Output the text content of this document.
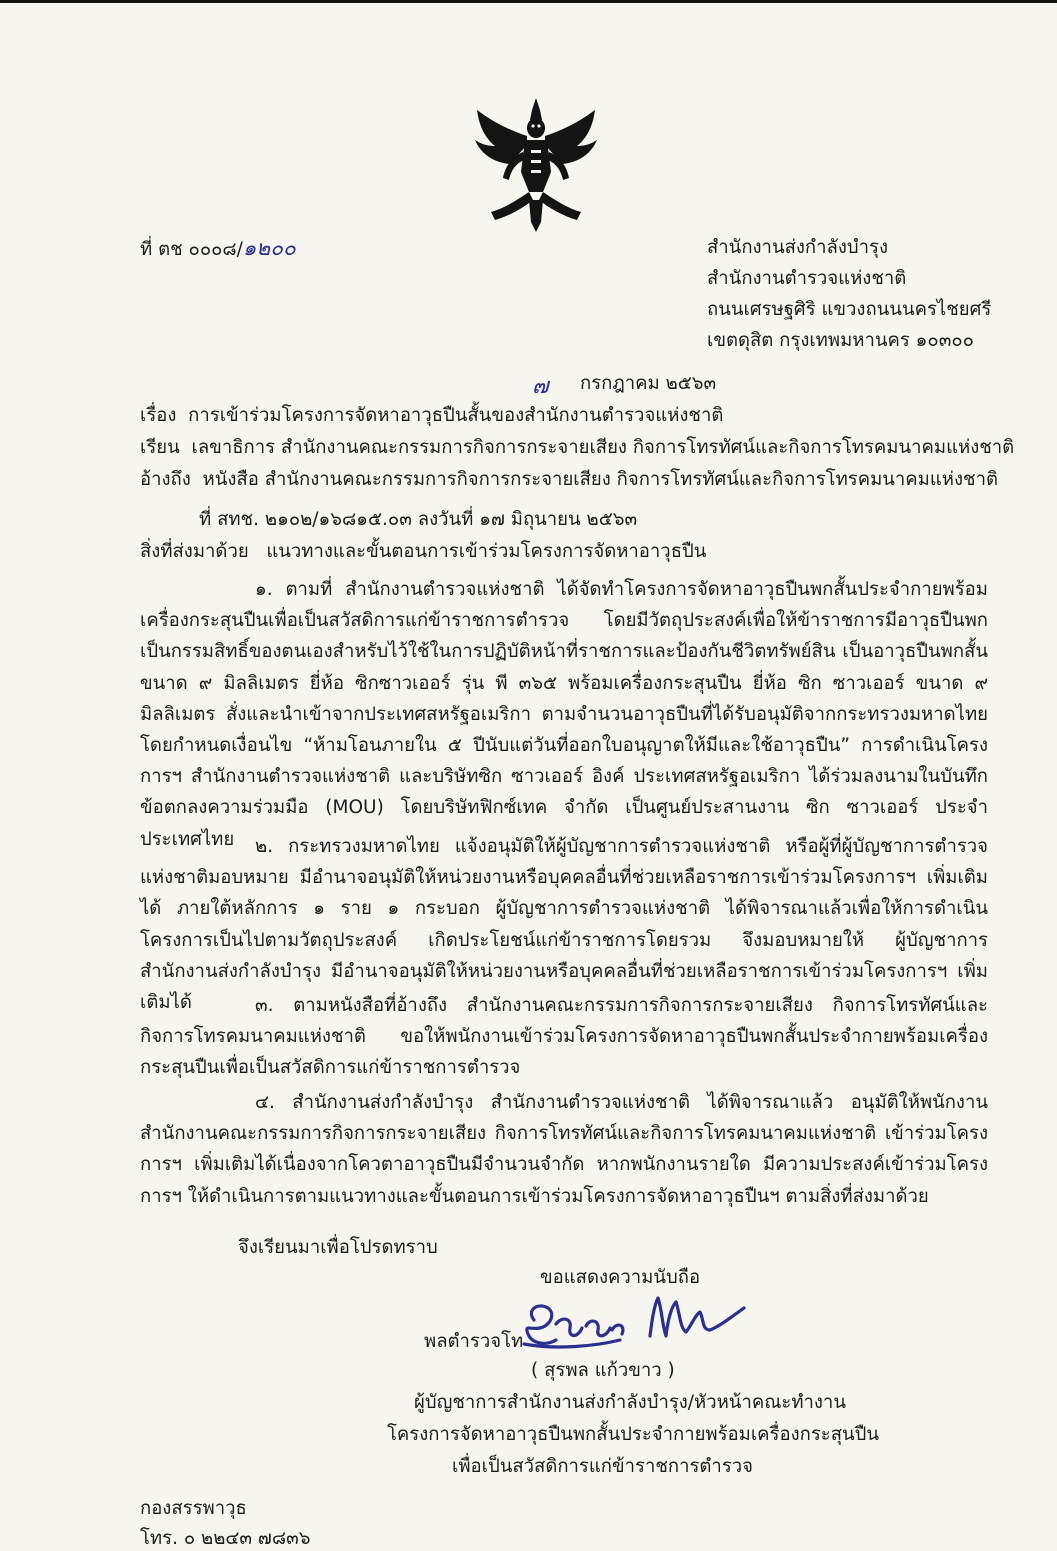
ที่ ตช ๐๐๐๘/๑๒๐๐	สำนักงานส่งกำลังบำรุง
สำนักงานตำรวจแห่งชาติ
ถนนเศรษฐศิริ แขวงถนนนครไชยศรี
เขตดุสิต กรุงเทพมหานคร ๑๐๓๐๐
๗ กรกฎาคม ๒๕๖๓
เรื่อง การเข้าร่วมโครงการจัดหาอาวุธปืนสั้นของสำนักงานตำรวจแห่งชาติ
เรียน เลขาธิการ สำนักงานคณะกรรมการกิจการกระจายเสียง กิจการโทรทัศน์และกิจการโทรคมนาคมแห่งชาติ
อ้างถึง หนังสือ สำนักงานคณะกรรมการกิจการกระจายเสียง กิจการโทรทัศน์และกิจการโทรคมนาคมแห่งชาติ
ที่ สทช. ๒๑๐๒/๑๖๘๑๕.๐๓ ลงวันที่ ๑๗ มิถุนายน ๒๕๖๓
สิ่งที่ส่งมาด้วย แนวทางและขั้นตอนการเข้าร่วมโครงการจัดหาอาวุธปืน
๑. ตามที่ สำนักงานตำรวจแห่งชาติ ได้จัดทำโครงการจัดหาอาวุธปืนพกสั้นประจำกายพร้อมเครื่องกระสุนปืนเพื่อเป็นสวัสดิการแก่ข้าราชการตำรวจ โดยมีวัตถุประสงค์เพื่อให้ข้าราชการมีอาวุธปืนพกเป็นกรรมสิทธิ์ของตนเองสำหรับไว้ใช้ในการปฏิบัติหน้าที่ราชการและป้องกันชีวิตทรัพย์สิน เป็นอาวุธปืนพกสั้น ขนาด ๙ มิลลิเมตร ยี่ห้อ ซิกซาวเออร์ รุ่น พี ๓๖๕ พร้อมเครื่องกระสุนปืน ยี่ห้อ ซิก ซาวเออร์ ขนาด ๙ มิลลิเมตร สั่งและนำเข้าจากประเทศสหรัฐอเมริกา ตามจำนวนอาวุธปืนที่ได้รับอนุมัติจากกระทรวงมหาดไทย โดยกำหนดเงื่อนไข “ห้ามโอนภายใน ๕ ปีนับแต่วันที่ออกใบอนุญาตให้มีและใช้อาวุธปืน” การดำเนินโครงการฯ สำนักงานตำรวจแห่งชาติ และบริษัทซิก ซาวเออร์ อิงค์ ประเทศสหรัฐอเมริกา ได้ร่วมลงนามในบันทึกข้อตกลงความร่วมมือ (MOU) โดยบริษัทฟิกซ์เทค จำกัด เป็นศูนย์ประสานงาน ซิก ซาวเออร์ ประจำประเทศไทย	๒. กระทรวงมหาดไทย แจ้งอนุมัติให้ผู้บัญชาการตำรวจแห่งชาติ หรือผู้ที่ผู้บัญชาการตำรวจแห่งชาติมอบหมาย มีอำนาจอนุมัติให้หน่วยงานหรือบุคคลอื่นที่ช่วยเหลือราชการเข้าร่วมโครงการฯ เพิ่มเติมได้ ภายใต้หลักการ ๑ ราย ๑ กระบอก ผู้บัญชาการตำรวจแห่งชาติ ได้พิจารณาแล้วเพื่อให้การดำเนินโครงการเป็นไปตามวัตถุประสงค์ เกิดประโยชน์แก่ข้าราชการโดยรวม จึงมอบหมายให้ ผู้บัญชาการสำนักงานส่งกำลังบำรุง มีอำนาจอนุมัติให้หน่วยงานหรือบุคคลอื่นที่ช่วยเหลือราชการเข้าร่วมโครงการฯ เพิ่มเติมได้	๓. ตามหนังสือที่อ้างถึง สำนักงานคณะกรรมการกิจการกระจายเสียง กิจการโทรทัศน์และกิจการโทรคมนาคมแห่งชาติ ขอให้พนักงานเข้าร่วมโครงการจัดหาอาวุธปืนพกสั้นประจำกายพร้อมเครื่องกระสุนปืนเพื่อเป็นสวัสดิการแก่ข้าราชการตำรวจ
๔. สำนักงานส่งกำลังบำรุง สำนักงานตำรวจแห่งชาติ ได้พิจารณาแล้ว อนุมัติให้พนักงาน สำนักงานคณะกรรมการกิจการกระจายเสียง กิจการโทรทัศน์และกิจการโทรคมนาคมแห่งชาติ เข้าร่วมโครงการฯ เพิ่มเติมได้เนื่องจากโควตาอาวุธปืนมีจำนวนจำกัด หากพนักงานรายใด มีความประสงค์เข้าร่วมโครงการฯ ให้ดำเนินการตามแนวทางและขั้นตอนการเข้าร่วมโครงการจัดหาอาวุธปืนฯ ตามสิ่งที่ส่งมาด้วย
จึงเรียนมาเพื่อโปรดทราบ
ขอแสดงความนับถือ
พลตำรวจโท
( สุรพล แก้วขาว )
ผู้บัญชาการสำนักงานส่งกำลังบำรุง/หัวหน้าคณะทำงาน
โครงการจัดหาอาวุธปืนพกสั้นประจำกายพร้อมเครื่องกระสุนปืน
เพื่อเป็นสวัสดิการแก่ข้าราชการตำรวจ
กองสรรพาวุธ
โทร. ๐ ๒๒๔๓ ๗๘๓๖
